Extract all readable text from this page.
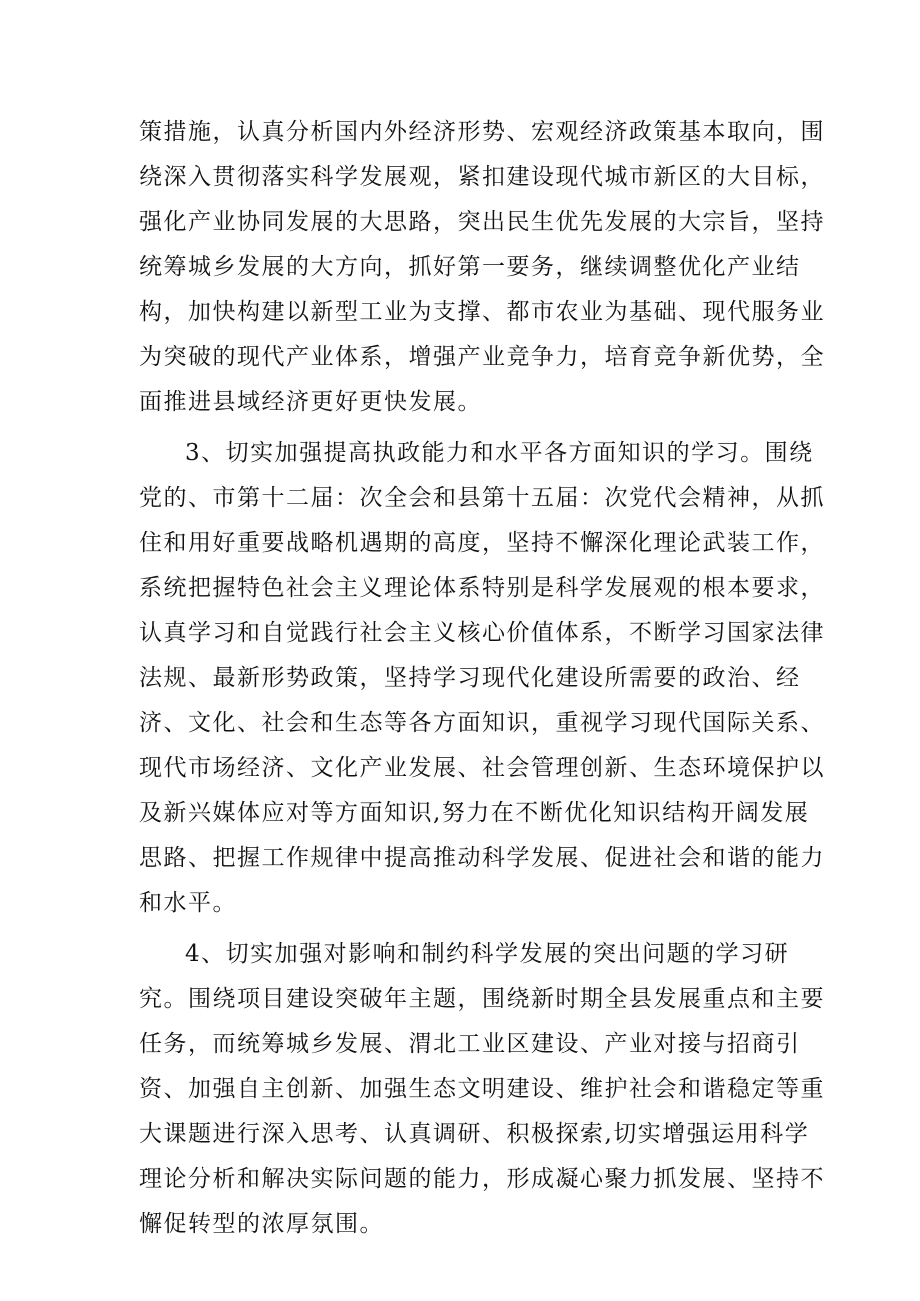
策措施，认真分析国内外经济形势、宏观经济政策基本取向，围
绕深入贯彻落实科学发展观，紧扣建设现代城市新区的大目标，
强化产业协同发展的大思路，突出民生优先发展的大宗旨，坚持
统筹城乡发展的大方向，抓好第一要务，继续调整优化产业结
构，加快构建以新型工业为支撑、都市农业为基础、现代服务业
为突破的现代产业体系，增强产业竞争力，培育竞争新优势，全
面推进县域经济更好更快发展。
3、切实加强提高执政能力和水平各方面知识的学习。围绕
党的、市第十二届：次全会和县第十五届：次党代会精神，从抓
住和用好重要战略机遇期的高度，坚持不懈深化理论武装工作，
系统把握特色社会主义理论体系特别是科学发展观的根本要求，
认真学习和自觉践行社会主义核心价值体系，不断学习国家法律
法规、最新形势政策，坚持学习现代化建设所需要的政治、经
济、文化、社会和生态等各方面知识，重视学习现代国际关系、
现代市场经济、文化产业发展、社会管理创新、生态环境保护以
及新兴媒体应对等方面知识,努力在不断优化知识结构开阔发展
思路、把握工作规律中提高推动科学发展、促进社会和谐的能力
和水平。
4、切实加强对影响和制约科学发展的突出问题的学习研
究。围绕项目建设突破年主题，围绕新时期全县发展重点和主要
任务，而统筹城乡发展、渭北工业区建设、产业对接与招商引
资、加强自主创新、加强生态文明建设、维护社会和谐稳定等重
大课题进行深入思考、认真调研、积极探索,切实增强运用科学
理论分析和解决实际问题的能力，形成凝心聚力抓发展、坚持不
懈促转型的浓厚氛围。
